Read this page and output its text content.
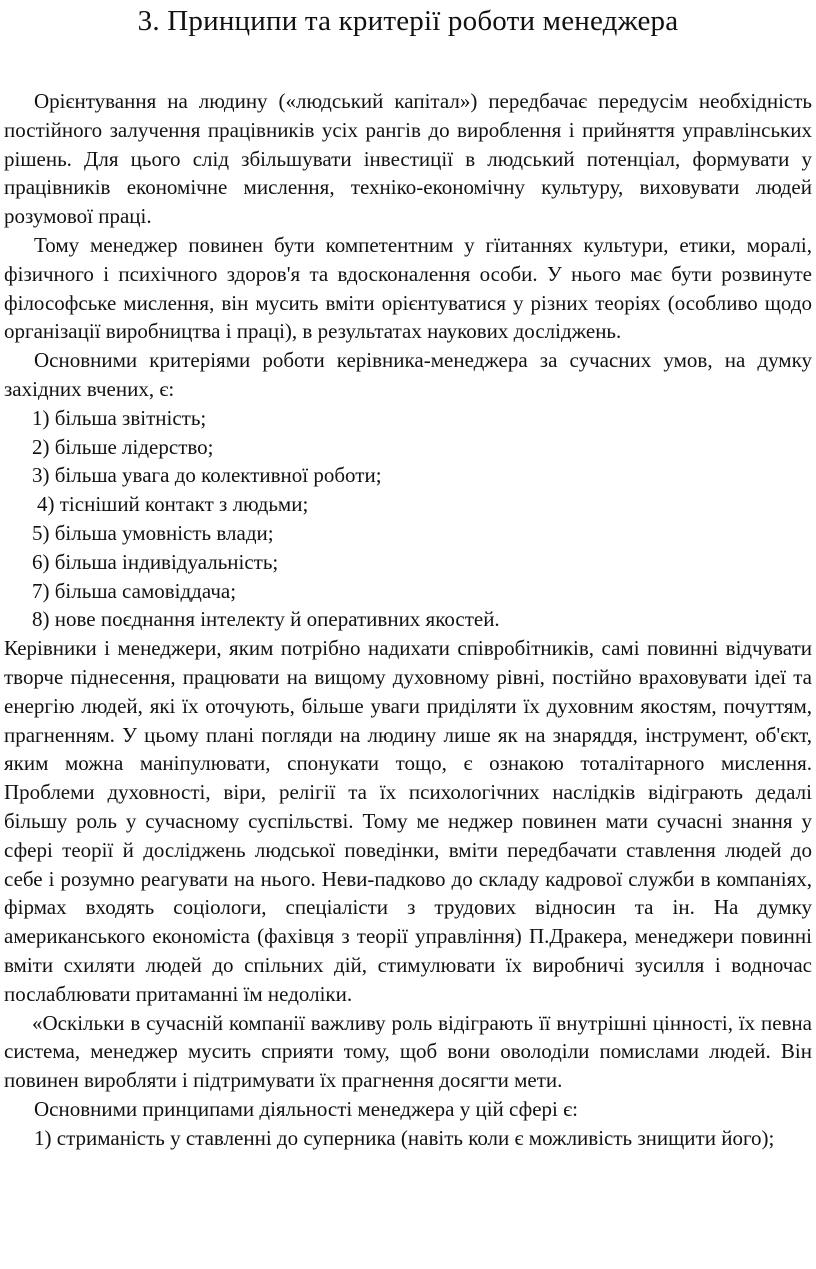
3. Принципи та критерії роботи менеджера

Орієнтування на людину («людський капітал») передбачає передусім необхідність постійного залучення працівників усіх рангів до вироблення і прийняття управлінських рішень. Для цього слід збільшувати інвестиції в людський потенціал, формувати у працівників економічне мислення, техніко-економічну культуру, виховувати людей розумової праці.

Тому менеджер повинен бути компетентним у гїитаннях культури, етики, моралі, фізичного і психічного здоров'я та вдосконалення особи. У нього має бути розвинуте філософське мислення, він мусить вміти орієнтуватися у різних теоріях (особливо щодо організації виробництва і праці), в результатах наукових досліджень.

Основними критеріями роботи керівника-менеджера за сучасних умов, на думку західних вчених, є:

1) більша звітність;

2) більше лідерство;

3) більша увага до колективної роботи;

4) тісніший контакт з людьми;

5) більша умовність влади;

6) більша індивідуальність;

7) більша самовіддача;

8) нове поєднання інтелекту й оперативних якостей.

Керівники і менеджери, яким потрібно надихати співробітників, самі повинні відчувати творче піднесення, працювати на вищому духовному рівні, постійно враховувати ідеї та енергію людей, які їх оточують, більше уваги приділяти їх духовним якостям, почуттям, прагненням. У цьому плані погляди на людину лише як на знаряддя, інструмент, об'єкт, яким можна маніпулювати, спонукати тощо, є ознакою тоталітарного мислення. Проблеми духовності, віри, релігії та їх психологічних наслідків відіграють дедалі більшу роль у сучасному суспільстві. Тому ме неджер повинен мати сучасні знання у сфері теорії й досліджень людської поведінки, вміти передбачати ставлення людей до себе і розумно реагувати на нього. Неви-падково до складу кадрової служби в компаніях, фірмах входять соціологи, спеціалісти з трудових відносин та ін. На думку американського економіста (фахівця з теорії управління) П.Дракера, менеджери повинні вміти схиляти людей до спільних дій, стимулювати їх виробничі зусилля і водночас послаблювати притаманні їм недоліки.

«Оскільки в сучасній компанії важливу роль відіграють її внутрішні цінності, їх певна система, менеджер мусить сприяти тому, щоб вони оволоділи помислами людей. Він повинен виробляти і підтримувати їх прагнення досягти мети.

Основними принципами діяльності менеджера у цій сфері є:

1) стриманість у ставленні до суперника (навіть коли є можливість знищити його);
